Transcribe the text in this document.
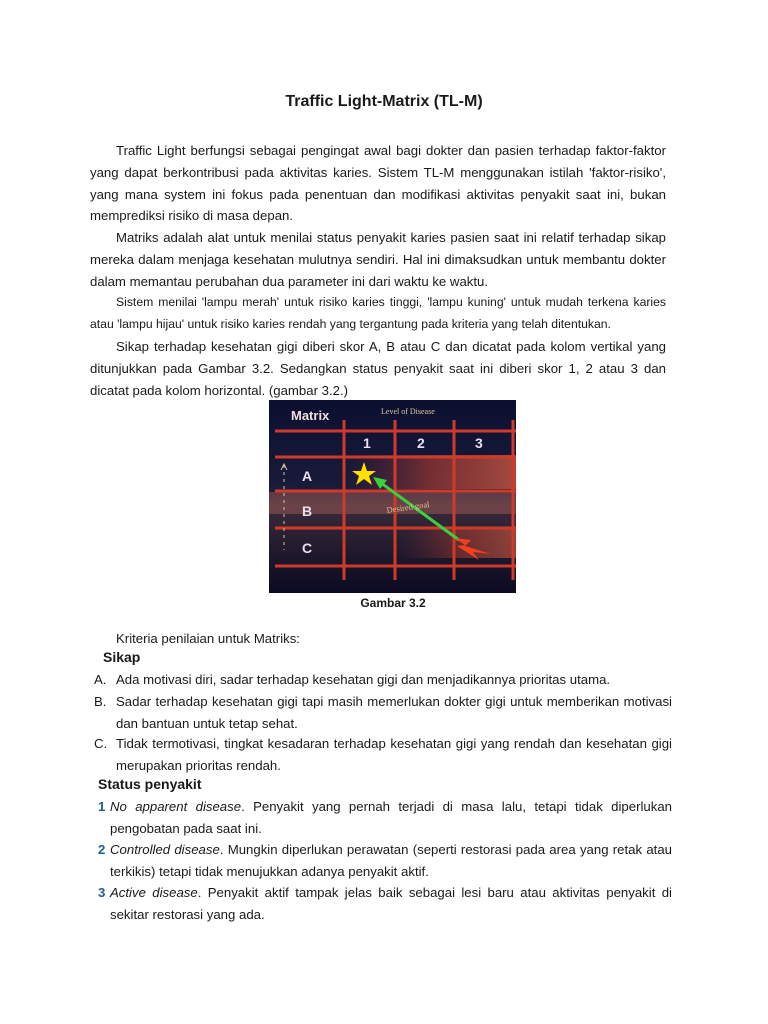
Traffic Light-Matrix (TL-M)

Traffic Light berfungsi sebagai pengingat awal bagi dokter dan pasien terhadap faktor-faktor yang dapat berkontribusi pada aktivitas karies. Sistem TL-M menggunakan istilah 'faktor-risiko', yang mana system ini fokus pada penentuan dan modifikasi aktivitas penyakit saat ini, bukan memprediksi risiko di masa depan.

Matriks adalah alat untuk menilai status penyakit karies pasien saat ini relatif terhadap sikap mereka dalam menjaga kesehatan mulutnya sendiri. Hal ini dimaksudkan untuk membantu dokter dalam memantau perubahan dua parameter ini dari waktu ke waktu.

Sistem menilai 'lampu merah' untuk risiko karies tinggi, 'lampu kuning' untuk mudah terkena karies atau 'lampu hijau' untuk risiko karies rendah yang tergantung pada kriteria yang telah ditentukan.

Sikap terhadap kesehatan gigi diberi skor A, B atau C dan dicatat pada kolom vertikal yang ditunjukkan pada Gambar 3.2. Sedangkan status penyakit saat ini diberi skor 1, 2 atau 3 dan dicatat pada kolom horizontal. (gambar 3.2.)

Matrix	Level of Disease
1	2	3
A
B
C
Desired goal
Gambar 3.2
Kriteria penilaian untuk Matriks:
Sikap
A. Ada motivasi diri, sadar terhadap kesehatan gigi dan menjadikannya prioritas utama.
B. Sadar terhadap kesehatan gigi tapi masih memerlukan dokter gigi untuk memberikan motivasi dan bantuan untuk tetap sehat.
C. Tidak termotivasi, tingkat kesadaran terhadap kesehatan gigi yang rendah dan kesehatan gigi merupakan prioritas rendah.
Status penyakit
1 No apparent disease. Penyakit yang pernah terjadi di masa lalu, tetapi tidak diperlukan pengobatan pada saat ini.
2 Controlled disease. Mungkin diperlukan perawatan (seperti restorasi pada area yang retak atau terkikis) tetapi tidak menujukkan adanya penyakit aktif.
3 Active disease. Penyakit aktif tampak jelas baik sebagai lesi baru atau aktivitas penyakit di sekitar restorasi yang ada.
